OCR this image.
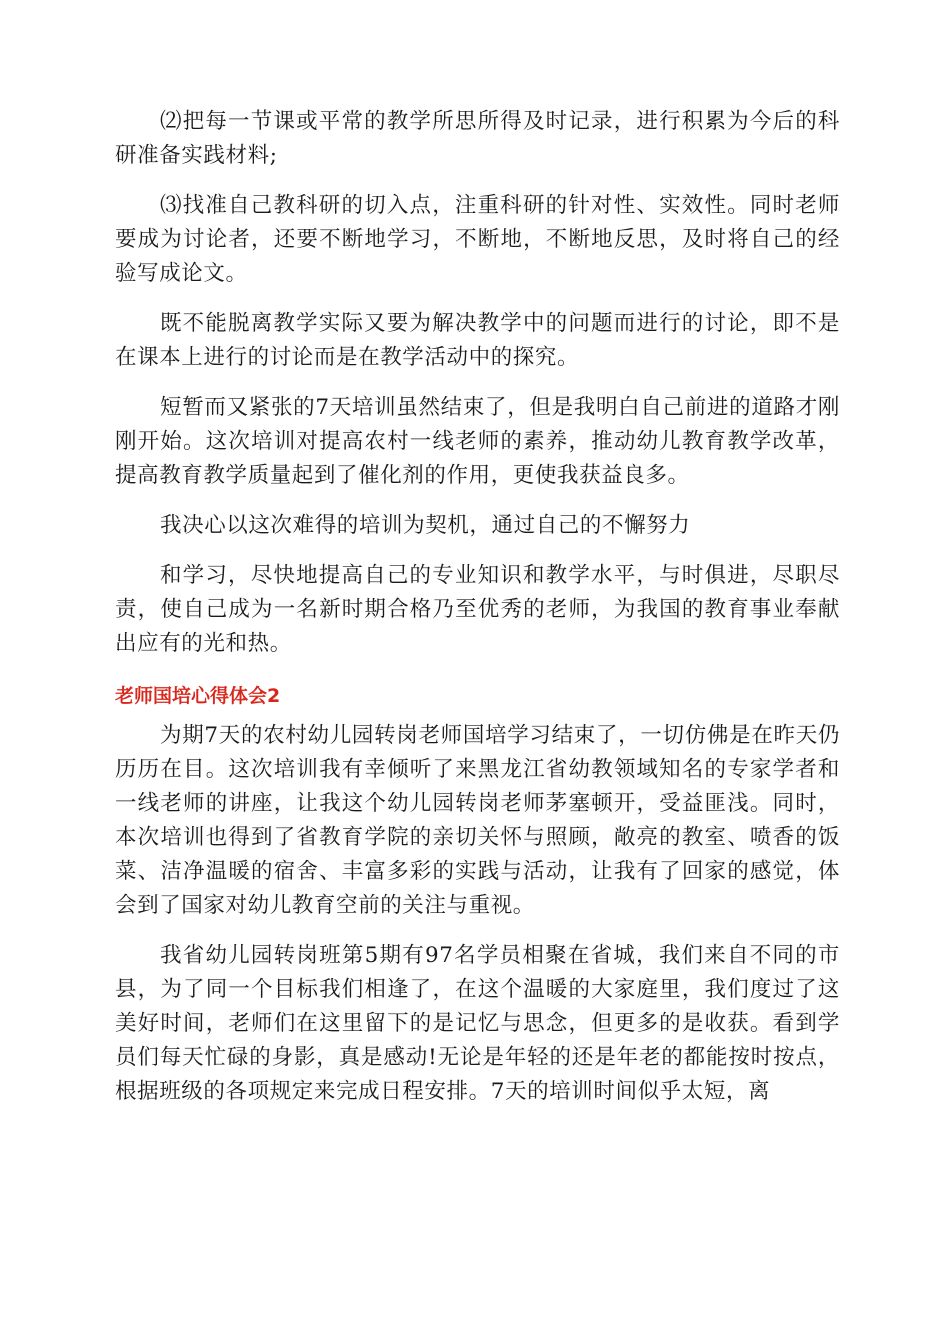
⑵把每一节课或平常的教学所思所得及时记录，进行积累为今后的科研准备实践材料;

⑶找准自己教科研的切入点，注重科研的针对性、实效性。同时老师要成为讨论者，还要不断地学习，不断地，不断地反思，及时将自己的经验写成论文。

既不能脱离教学实际又要为解决教学中的问题而进行的讨论，即不是在课本上进行的讨论而是在教学活动中的探究。

短暂而又紧张的7天培训虽然结束了，但是我明白自己前进的道路才刚刚开始。这次培训对提高农村一线老师的素养，推动幼儿教育教学改革，提高教育教学质量起到了催化剂的作用，更使我获益良多。

我决心以这次难得的培训为契机，通过自己的不懈努力

和学习，尽快地提高自己的专业知识和教学水平，与时俱进，尽职尽责，使自己成为一名新时期合格乃至优秀的老师，为我国的教育事业奉献出应有的光和热。

老师国培心得体会2

为期7天的农村幼儿园转岗老师国培学习结束了，一切仿佛是在昨天仍历历在目。这次培训我有幸倾听了来黑龙江省幼教领域知名的专家学者和一线老师的讲座，让我这个幼儿园转岗老师茅塞顿开，受益匪浅。同时，本次培训也得到了省教育学院的亲切关怀与照顾，敞亮的教室、喷香的饭菜、洁净温暖的宿舍、丰富多彩的实践与活动，让我有了回家的感觉，体会到了国家对幼儿教育空前的关注与重视。

我省幼儿园转岗班第5期有97名学员相聚在省城，我们来自不同的市县，为了同一个目标我们相逢了，在这个温暖的大家庭里，我们度过了这美好时间，老师们在这里留下的是记忆与思念，但更多的是收获。看到学员们每天忙碌的身影，真是感动!无论是年轻的还是年老的都能按时按点，根据班级的各项规定来完成日程安排。7天的培训时间似乎太短，离
